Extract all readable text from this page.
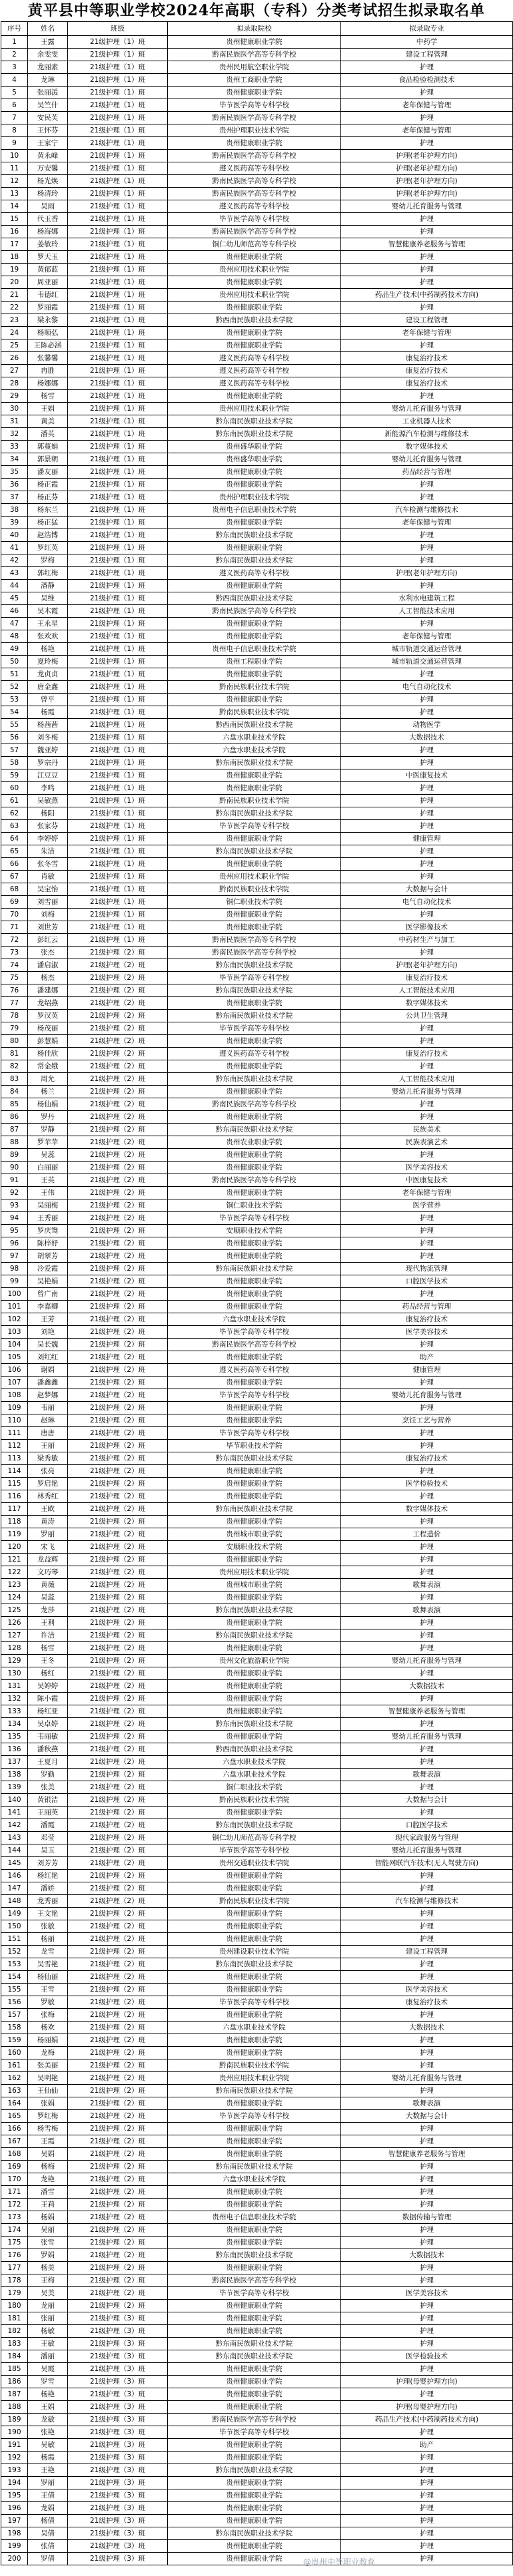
黄平县中等职业学校2024年高职（专科）分类考试招生拟录取名单
序号	姓名	班级	拟录取院校	拟录取专业
1	王露	21级护理（1）班	贵州健康职业学院	中药学
2	余雯雯	21级护理（1）班	黔南民族医学高等专科学校	建设工程管理
3	龙丽素	21级护理（1）班	贵州民用航空职业学院	护理
4	龙琳	21级护理（1）班	贵州工商职业学院	食品检验检测技术
5	张丽湲	21级护理（1）班	贵州健康职业学院	护理
6	吴竺什	21级护理（1）班	毕节医学高等专科学校	老年保健与管理
7	安民芙	21级护理（1）班	黔南民族医学高等专科学校	护理
8	王怀芬	21级护理（1）班	贵州护理职业技术学院	老年保健与管理
9	王家宁	21级护理（1）班	贵州健康职业学院	护理
10	黄永峰	21级护理（1）班	黔南民族医学高等专科学校	护理(老年护理方向)
11	万安馨	21级护理（1）班	遵义医药高等专科学校	护理(老年护理方向)
12	杨光焕	21级护理（1）班	黔南民族医学高等专科学校	护理(老年护理方向)
13	杨清玲	21级护理（1）班	黔南民族医学高等专科学校	护理(老年护理方向)
14	吴雨	21级护理（1）班	遵义医药高等专科学校	婴幼儿托育服务与管理
15	代玉香	21级护理（1）班	毕节医学高等专科学校	护理
16	杨海娜	21级护理（1）班	黔南民族医学高等专科学校	护理
17	姜敏玲	21级护理（1）班	铜仁幼儿师范高等专科学校	智慧健康养老服务与管理
18	罗天玉	21级护理（1）班	贵州健康职业学院	护理
19	黄郁蓝	21级护理（1）班	贵州应用技术职业学院	护理
20	周亚丽	21级护理（1）班	贵州健康职业学院	护理
21	韦德红	21级护理（1）班	贵州应用技术职业学院	药品生产技术(中药制药技术方向)
22	罗丽霞	21级护理（1）班	贵州健康职业学院	护理
23	梁永黎	21级护理（1）班	黔西南民族职业技术学院	建设工程管理
24	杨顺弘	21级护理（1）班	贵州健康职业学院	老年保健与管理
25	王陈必涵	21级护理（1）班	贵州健康职业学院	护理
26	张馨馨	21级护理（1）班	遵义医药高等专科学校	康复治疗技术
27	冉胜	21级护理（1）班	遵义医药高等专科学校	康复治疗技术
28	杨娜娜	21级护理（1）班	遵义医药高等专科学校	康复治疗技术
29	杨雪	21级护理（1）班	贵州健康职业学院	护理
30	王娟	21级护理（1）班	贵州应用技术职业学院	婴幼儿托育服务与管理
31	黄美	21级护理（1）班	黔东南民族职业技术学院	工业机器人技术
32	潘英	21级护理（1）班	黔东南民族职业技术学院	新能源汽车检测与维修技术
33	郭蔓娟	21级护理（1）班	贵州盛华职业学院	数字媒体技术
34	郭景朝	21级护理（1）班	贵州盛华职业学院	婴幼儿托育服务与管理
35	潘友丽	21级护理（1）班	贵州健康职业学院	药品经营与管理
36	杨正霞	21级护理（1）班	贵州健康职业学院	护理
37	杨正芬	21级护理（1）班	贵州护理职业技术学院	护理
38	杨东兰	21级护理（1）班	贵州电子信息职业技术学院	汽车检测与维修技术
39	杨正猛	21级护理（1）班	贵州健康职业学院	老年保健与管理
40	赵浩博	21级护理（1）班	黔东南民族职业技术学院	护理
41	罗红英	21级护理（1）班	贵州健康职业学院	护理
42	罗梅	21级护理（1）班	黔东南民族职业技术学院	护理
43	郭红梅	21级护理（1）班	遵义医药高等专科学校	护理(老年护理方向)
44	潘静	21级护理（1）班	贵州健康职业学院	护理
45	吴维	21级护理（1）班	黔西南民族职业技术学院	水利水电建筑工程
46	吴木霞	21级护理（1）班	黔南民族医学高等专科学校	人工智能技术应用
47	王永星	21级护理（1）班	贵州健康职业学院	护理
48	张欢欢	21级护理（1）班	贵州健康职业学院	老年保健与管理
49	杨艳	21级护理（1）班	贵州电子信息职业技术学院	城市轨道交通运营管理
50	夏玲梅	21级护理（1）班	贵州工程职业学院	城市轨道交通运营管理
51	龙贞贞	21级护理（1）班	贵州健康职业学院	护理
52	唐金鑫	21级护理（1）班	黔南民族职业技术学院	电气自动化技术
53	曾平	21级护理（1）班	贵州健康职业学院	护理
54	杨霞	21级护理（1）班	黔南民族职业技术学院	护理
55	杨茜茜	21级护理（1）班	黔西南民族职业技术学院	动物医学
56	刘冬梅	21级护理（1）班	六盘水职业技术学院	大数据技术
57	魏亚婷	21级护理（1）班	六盘水职业技术学院	护理
58	罗宗丹	21级护理（1）班	黔东南民族职业技术学院	护理
59	江豆豆	21级护理（1）班	贵州健康职业学院	中医康复技术
60	李鸣	21级护理（1）班	贵州健康职业学院	护理
61	吴敏燕	21级护理（1）班	黔南民族职业技术学院	护理
62	杨阳	21级护理（1）班	黔东南民族职业技术学院	护理
63	张家芬	21级护理（1）班	毕节医学高等专科学校	护理
64	李婷婷	21级护理（1）班	贵州健康职业学院	健康管理
65	朱洁	21级护理（1）班	黔东南民族职业技术学院	护理
66	张冬雪	21级护理（1）班	贵州健康职业学院	护理
67	肖敏	21级护理（1）班	贵州应用技术职业学院	护理
68	吴宝怡	21级护理（1）班	黔南民族职业技术学院	大数据与会计
69	刘雪丽	21级护理（1）班	铜仁职业技术学院	电气自动化技术
70	刘梅	21级护理（1）班	贵州健康职业学院	护理
71	刘世芳	21级护理（1）班	贵州健康职业学院	医学影像技术
72	彭红云	21级护理（1）班	黔南民族医学高等专科学校	中药材生产与加工
73	张杰	21级护理（2）班	黔南民族医学高等专科学校	护理
74	潘启淑	21级护理（2）班	黔东南民族职业技术学院	护理(老年护理方向)
75	杨杰	21级护理（2）班	毕节医学高等专科学校	康复治疗技术
76	潘建娜	21级护理（2）班	黔东南民族职业技术学院	人工智能技术应用
77	龙绍燕	21级护理（2）班	贵州健康职业学院	数字媒体技术
78	罗汉英	21级护理（2）班	黔东南民族职业技术学院	公共卫生管理
79	杨茂丽	21级护理（2）班	毕节医学高等专科学校	护理
80	彭慧娟	21级护理（2）班	贵州健康职业学院	护理
81	杨佳欣	21级护理（2）班	遵义医药高等专科学校	康复治疗技术
82	常金娥	21级护理（2）班	贵州健康职业学院	护理
83	周允	21级护理（2）班	黔东南民族职业技术学院	人工智能技术应用
84	杨兰	21级护理（2）班	贵州健康职业学院	婴幼儿托育服务与管理
85	杨仙娟	21级护理（2）班	黔南民族医学高等专科学校	护理
86	罗丹	21级护理（2）班	贵州健康职业学院	护理
87	罗静	21级护理（2）班	黔东南民族职业技术学院	民族美术
88	罗苹苹	21级护理（2）班	贵州农业职业学院	民族表演艺术
89	吴蕊	21级护理（2）班	贵州健康职业学院	护理
90	白丽丽	21级护理（2）班	贵州健康职业学院	医学美容技术
91	王英	21级护理（2）班	黔南民族医学高等专科学校	中医康复技术
92	王伟	21级护理（2）班	贵州健康职业学院	老年保健与管理
93	吴丽梅	21级护理（2）班	铜仁职业技术学院	医学营养
94	王秀丽	21级护理（2）班	毕节医学高等专科学校	护理
95	罗庆鸳	21级护理（2）班	安顺职业技术学院	护理
96	陈梓妤	21级护理（2）班	贵州健康职业学院	护理
97	胡翠芳	21级护理（2）班	贵州健康职业学院	护理
98	冷爱霞	21级护理（2）班	黔东南民族职业技术学院	现代物流管理
99	吴艳娟	21级护理（2）班	贵州健康职业学院	口腔医学技术
100	曾广南	21级护理（2）班	贵州健康职业学院	护理
101	李嘉卿	21级护理（2）班	贵州健康职业学院	药品经营与管理
102	王芳	21级护理（2）班	六盘水职业技术学院	康复治疗技术
103	刘艳	21级护理（2）班	毕节医学高等专科学校	医学美容技术
104	吴长魏	21级护理（2）班	黔南民族医学高等专科学校	护理
105	刘红红	21级护理（2）班	贵州健康职业学院	助产
106	谢娟	21级护理（2）班	遵义医药高等专科学校	健康管理
107	潘鑫鑫	21级护理（2）班	贵州健康职业学院	护理
108	赵梦娜	21级护理（2）班	毕节医学高等专科学校	婴幼儿托育服务与管理
109	韦丽	21级护理（2）班	贵州健康职业学院	护理
110	赵琳	21级护理（2）班	贵州健康职业学院	烹饪工艺与营养
111	唐唐	21级护理（2）班	毕节医学高等专科学校	护理
112	王丽	21级护理（2）班	毕节职业技术学院	护理
113	梁秀敏	21级护理（2）班	黔东南民族职业技术学院	康复治疗技术
114	张亮	21级护理（2）班	贵州健康职业学院	护理
115	罗启艳	21级护理（2）班	贵州健康职业学院	医学检验技术
116	林秀红	21级护理（2）班	贵州健康职业学院	护理
117	王欧	21级护理（2）班	黔东南民族职业技术学院	数字媒体技术
118	黄涛	21级护理（2）班	贵州健康职业学院	护理
119	罗丽	21级护理（2）班	贵州城市职业学院	工程造价
120	宋飞	21级护理（2）班	安顺职业技术学院	护理
121	龙益辉	21级护理（2）班	贵州健康职业学院	护理
122	文巧琴	21级护理（2）班	贵州应用技术职业学院	护理
123	黄薇	21级护理（2）班	贵州城市职业学院	歌舞表演
124	吴蕊	21级护理（2）班	贵州健康职业学院	护理
125	龙莎	21级护理（2）班	黔东南民族职业技术学院	歌舞表演
126	王利	21级护理（2）班	贵州健康职业学院	护理
127	许洁	21级护理（2）班	黔东南民族职业技术学院	护理
128	杨雪	21级护理（2）班	贵州健康职业学院	护理
129	王冬	21级护理（2）班	贵州文化旅游职业学院	婴幼儿托育服务与管理
130	杨红	21级护理（2）班	贵州健康职业学院	护理
131	吴婷婷	21级护理（2）班	贵州健康职业学院	大数据技术
132	陈小霞	21级护理（2）班	贵州健康职业学院	护理
133	杨红亚	21级护理（2）班	贵州健康职业学院	智慧健康养老服务与管理
134	吴卓婷	21级护理（2）班	黔东南民族职业技术学院	护理
135	韦丽敏	21级护理（2）班	贵州健康职业学院	婴幼儿托育服务与管理
136	潘秋燕	21级护理（2）班	黔西南民族职业技术学院	护理
137	王夏月	21级护理（2）班	六盘水职业技术学院	护理
138	罗勤	21级护理（2）班	六盘水职业技术学院	歌舞表演
139	张美	21级护理（2）班	铜仁职业技术学院	护理
140	黄银洁	21级护理（2）班	黔南民族职业技术学院	大数据与会计
141	王丽英	21级护理（2）班	贵州健康职业学院	护理
142	潘霞	21级护理（2）班	黔东南民族职业技术学院	口腔医学技术
143	邓莹	21级护理（2）班	铜仁幼儿师范高等专科学校	现代家政服务与管理
144	吴玉	21级护理（2）班	毕节医学高等专科学校	婴幼儿托育服务与管理
145	刘芳芳	21级护理（2）班	贵州交通职业技术学院	智能网联汽车技术(无人驾驶方向)
146	杨红艳	21级护理（2）班	贵州健康职业学院	护理
147	潘娇	21级护理（2）班	贵州健康职业学院	护理
148	龙秀丽	21级护理（2）班	黔南民族职业技术学院	汽车检测与维修技术
149	王文艳	21级护理（2）班	贵州健康职业学院	护理
150	张敏	21级护理（2）班	贵州健康职业学院	护理
151	杨丽	21级护理（2）班	贵州健康职业学院	护理
152	龙雪	21级护理（2）班	贵州建设职业技术学院	建设工程管理
153	吴雪艳	21级护理（2）班	黔东南民族职业技术学院	护理
154	杨仙丽	21级护理（2）班	贵州健康职业学院	护理
155	王雪	21级护理（2）班	贵州健康职业学院	医学美容技术
156	罗敏	21级护理（2）班	毕节医学高等专科学校	康复治疗技术
157	张梅	21级护理（2）班	贵州健康职业学院	护理
158	杨欢	21级护理（2）班	六盘水职业技术学院	大数据技术
159	杨丽娟	21级护理（2）班	贵州健康职业学院	护理
160	龙梅	21级护理（2）班	贵州健康职业学院	护理
161	张美丽	21级护理（2）班	黔南民族职业技术学院	护理
162	吴明艳	21级护理（2）班	贵州应用技术职业学院	婴幼儿托育服务与管理
163	王仙仙	21级护理（2）班	黔东南民族职业技术学院	护理
164	张娟	21级护理（2）班	贵州健康职业学院	歌舞表演
165	罗红梅	21级护理（2）班	毕节医学高等专科学校	大数据与会计
166	杨雪梅	21级护理（2）班	贵州健康职业学院	护理
167	王霞	21级护理（2）班	贵州健康职业学院	护理
168	吴娟	21级护理（2）班	贵州健康职业学院	智慧健康养老服务与管理
169	杨梅	21级护理（2）班	黔东南民族职业技术学院	护理
170	龙艳	21级护理（2）班	六盘水职业技术学院	护理
171	潘雪	21级护理（2）班	贵州健康职业学院	护理
172	王莉	21级护理（2）班	贵州健康职业学院	护理
173	杨娟	21级护理（2）班	贵州电子信息职业技术学院	数据传输与管理
174	吴丽	21级护理（2）班	贵州健康职业学院	护理
175	张雪	21级护理（2）班	贵州健康职业学院	护理
176	罗娟	21级护理（2）班	黔东南民族职业技术学院	大数据技术
177	杨美	21级护理（2）班	贵州健康职业学院	护理
178	王梅	21级护理（2）班	黔南民族医学高等专科学校	护理
179	吴美	21级护理（2）班	毕节医学高等专科学校	医学美容技术
180	龙丽	21级护理（2）班	贵州健康职业学院	护理
181	张丽	21级护理（3）班	贵州健康职业学院	护理
182	杨敏	21级护理（3）班	贵州健康职业学院	护理
183	王敏	21级护理（3）班	黔东南民族职业技术学院	护理
184	潘丽	21级护理（3）班	黔东南民族职业技术学院	医学检验技术
185	吴霞	21级护理（3）班	贵州健康职业学院	护理
186	罗雪	21级护理（3）班	贵州健康职业学院	护理(母婴护理方向)
187	杨艳	21级护理（3）班	贵州健康职业学院	护理
188	王娟	21级护理（3）班	贵州健康职业学院	护理(母婴护理方向)
189	龙敏	21级护理（3）班	黔南民族医学高等专科学校	药品生产技术(中药制药技术方向)
190	张艳	21级护理（3）班	毕节医学高等专科学校	护理
191	吴敏	21级护理（3）班	贵州健康职业学院	助产
192	杨霞	21级护理（3）班	贵州健康职业学院	护理
193	王艳	21级护理（3）班	黔东南民族职业技术学院	护理
194	罗丽	21级护理（3）班	贵州健康职业学院	护理
195	王倩	21级护理（3）班	贵州健康职业学院	护理
196	龙娟	21级护理（3）班	贵州健康职业学院	护理
197	杨倩	21级护理（3）班	贵州健康职业学院	护理
198	吴倩	21级护理（3）班	黔东南民族职业技术学院	护理
199	张倩	21级护理（3）班	贵州健康职业学院	护理
200	罗倩	21级护理（3）班	贵州健康职业学院	护理
@贵州中等职业教育
